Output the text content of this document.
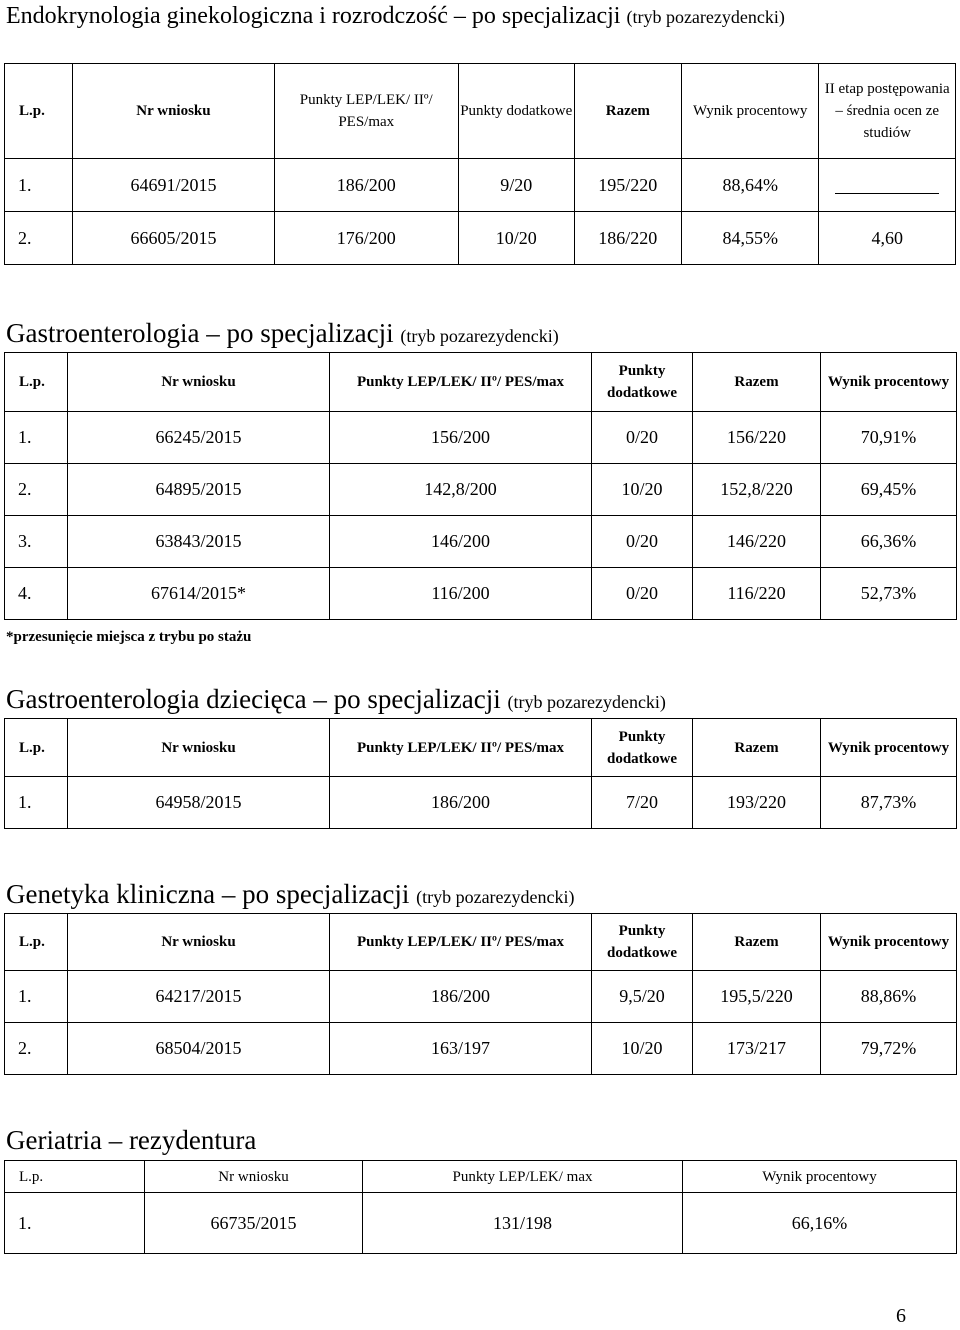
Endokrynologia ginekologiczna i rozrodczość – po specjalizacji (tryb pozarezydencki)
L.p.	Nr wniosku	Punkty LEP/LEK/ IIº/ PES/max	Punkty dodatkowe	Razem	Wynik procentowy	II etap postępowania – średnia ocen ze studiów
1.	64691/2015	186/200	9/20	195/220	88,64%	
2.	66605/2015	176/200	10/20	186/220	84,55%	4,60
Gastroenterologia – po specjalizacji (tryb pozarezydencki)
L.p.	Nr wniosku	Punkty LEP/LEK/ IIº/ PES/max	Punkty dodatkowe	Razem	Wynik procentowy
1.	66245/2015	156/200	0/20	156/220	70,91%
2.	64895/2015	142,8/200	10/20	152,8/220	69,45%
3.	63843/2015	146/200	0/20	146/220	66,36%
4.	67614/2015*	116/200	0/20	116/220	52,73%

*przesunięcie miejsca z trybu po stażu

Gastroenterologia dziecięca – po specjalizacji (tryb pozarezydencki)
L.p.	Nr wniosku	Punkty LEP/LEK/ IIº/ PES/max	Punkty dodatkowe	Razem	Wynik procentowy
1.	64958/2015	186/200	7/20	193/220	87,73%
Genetyka kliniczna – po specjalizacji (tryb pozarezydencki)
L.p.	Nr wniosku	Punkty LEP/LEK/ IIº/ PES/max	Punkty dodatkowe	Razem	Wynik procentowy
1.	64217/2015	186/200	9,5/20	195,5/220	88,86%
2.	68504/2015	163/197	10/20	173/217	79,72%
Geriatria – rezydentura
L.p.	Nr wniosku	Punkty LEP/LEK/ max	Wynik procentowy
1.	66735/2015	131/198	66,16%
6
